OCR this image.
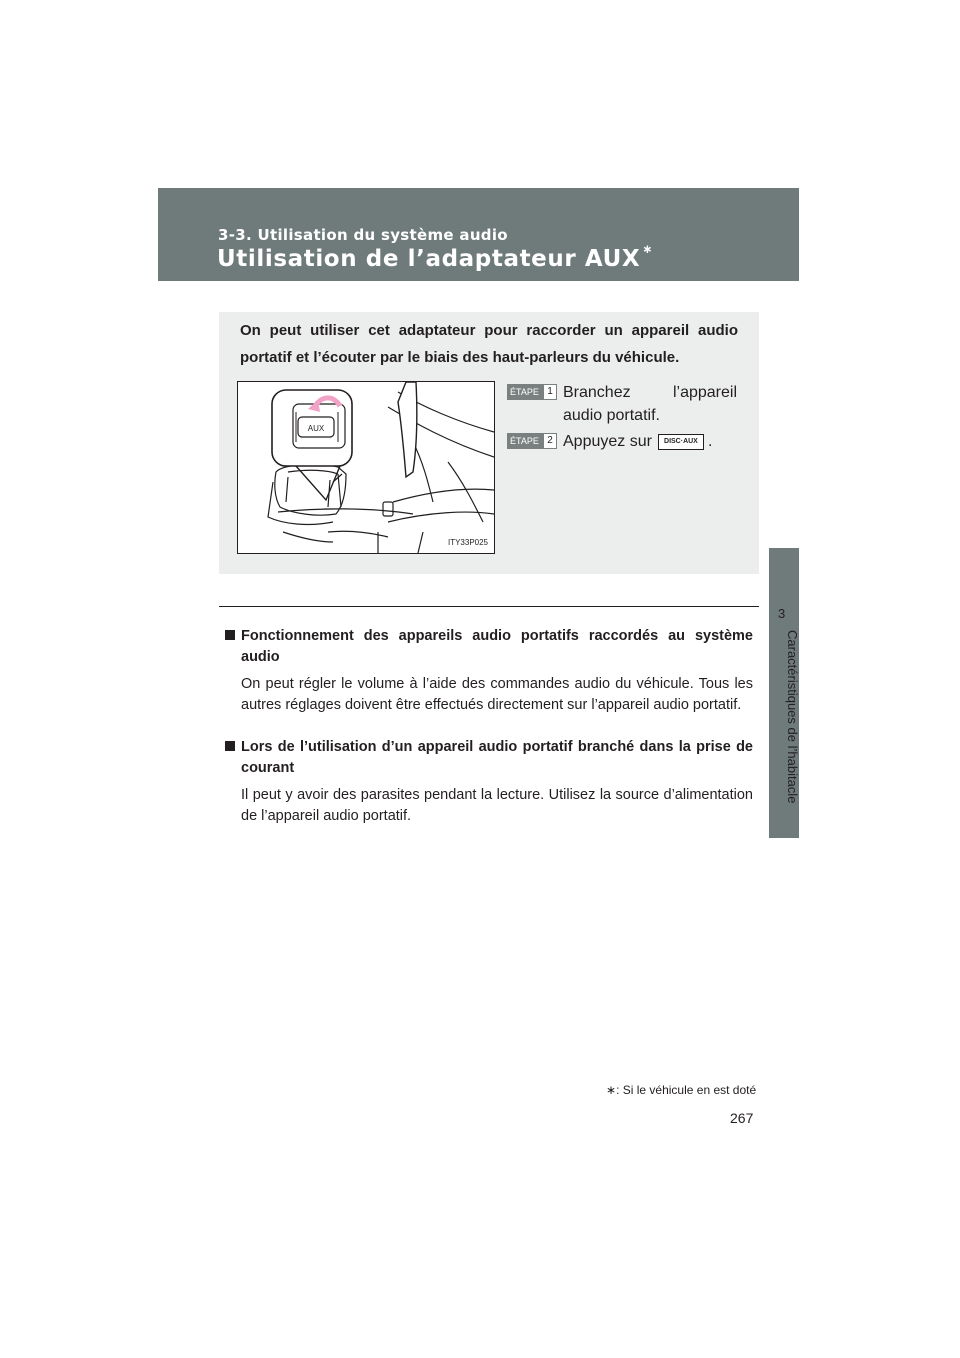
3-3. Utilisation du système audio
Utilisation de l’adaptateur AUX ∗
3
Caractéristiques de l’habitacle
On peut utiliser cet adaptateur pour raccorder un appareil audio portatif et l’écouter par le biais des haut-parleurs du véhicule.
AUX
ITY33P025
ÉTAPE 1 Branchez	l’appareil
audio portatif.
ÉTAPE 2 Appuyez sur DISC·AUX .
Fonctionnement des appareils audio portatifs raccordés au système audio
On peut régler le volume à l’aide des commandes audio du véhicule. Tous les autres réglages doivent être effectués directement sur l’appareil audio portatif.
Lors de l’utilisation d’un appareil audio portatif branché dans la prise de courant
Il peut y avoir des parasites pendant la lecture. Utilisez la source d’alimentation de l’appareil audio portatif.
∗: Si le véhicule en est doté
267
